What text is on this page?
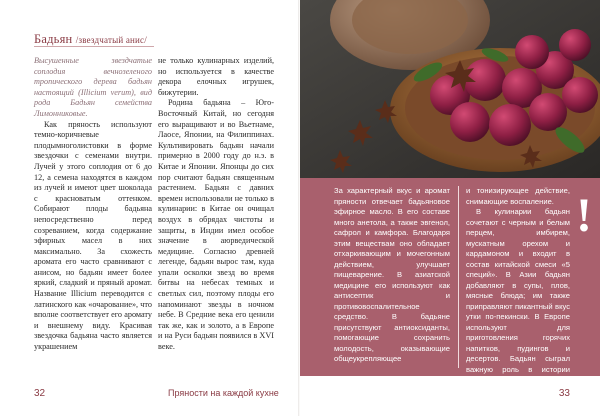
Бадьян /звездчатый анис/

Высушенные звездчатые соплодия вечнозеленого тропического дерева бадьян настоящий (Illicium verum), вид рода Бадьян семейства Лимонниковые.

Как пряность используют темно-коричневые плодымноголистовки в форме звездочки с семенами внутри. Лучей у этого соплодия от 6 до 12, а семена находятся в каждом из лучей и имеют цвет шоколада с красноватым оттенком. Собирают плоды бадьяна непосредственно перед созреванием, когда содержание эфирных масел в них максимально. За схожесть аромата его часто сравнивают с анисом, но бадьян имеет более яркий, сладкий и пряный аромат. Название Illicium переводится с латинского как «очарование», что вполне соответствует его аромату и внешнему виду. Красивая звездочка бадьяна часто является украшением

не только кулинарных изделий, но используется в качестве декора елочных игрушек, бижутерии.

Родина бадьяна – Юго-Восточный Китай, но сегодня его выращивают и во Вьетнаме, Лаосе, Японии, на Филиппинах. Культивировать бадьян начали примерно в 2000 году до н.э. в Китае и Японии. Японцы до сих пор считают бадьян священным растением. Бадьян с давних времен использовали не только в кулинарии: в Китае он очищал воздух в обрядах чистоты и защиты, в Индии имел особое значение в аюрведической медицине. Согласно древней легенде, бадьян вырос там, куда упали осколки звезд во время битвы на небесах темных и светлых сил, поэтому плоды его напоминают звезды в ночном небе. В Средние века его ценили так же, как и золото, а в Европе и на Руси бадьян появился в XVI веке.

32	Пряности на каждой кухне
За характерный вкус и аромат пряности отвечает бадьяновое эфирное масло. В его составе много анетола, а также эвгенол, сафрол и камфора. Благодаря этим веществам оно обладает отхаркивающим и мочегонным действием, улучшает пищеварение. В азиатской медицине его используют как антисептик и противовоспалительное средство. В бадьяне присутствуют антиоксиданты, помогающие сохранить молодость, оказывающие общеукрепляющее

и тонизирующее действие, снимающие воспаление.

В кулинарии бадьян сочетают с черным и белым перцем, имбирем, мускатным орехом и кардамоном и входит в состав китайской смеси «5 специй». В Азии бадьян добавляют в супы, плов, мясные блюда; им также приправляют пикантный вкус утки по-пекински. В Европе используют для приготовления горячих напитков, пудингов и десертов. Бадьян сыграл важную роль в истории абсента.

!
33
